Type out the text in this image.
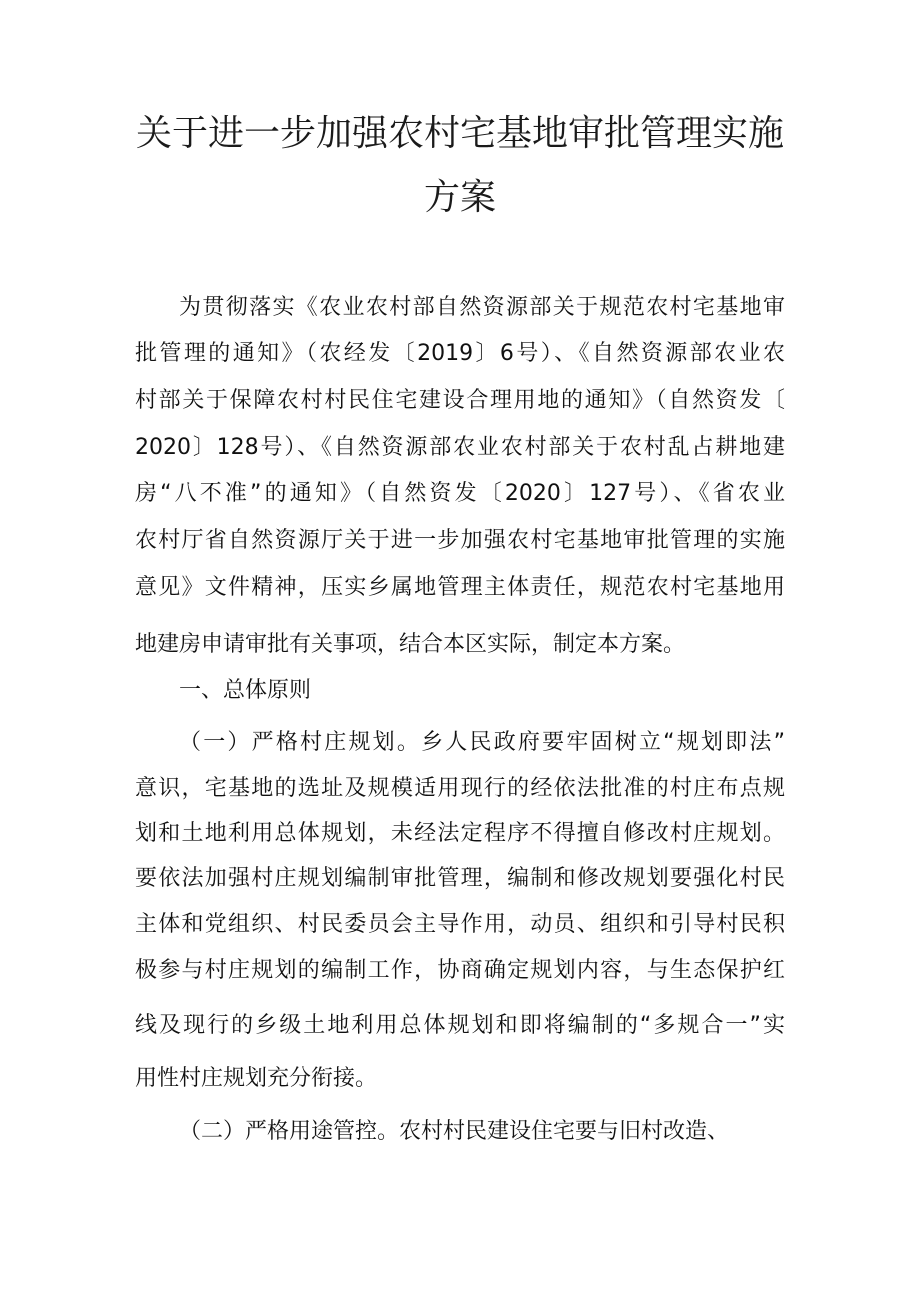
关于进一步加强农村宅基地审批管理实施
方案

为贯彻落实《农业农村部自然资源部关于规范农村宅基地审

批管理的通知》（农经发〔2019〕6号）、《自然资源部农业农

村部关于保障农村村民住宅建设合理用地的通知》（自然资发〔

2020〕128号）、《自然资源部农业农村部关于农村乱占耕地建

房“八不准”的通知》（自然资发〔2020〕127号）、《省农业

农村厅省自然资源厅关于进一步加强农村宅基地审批管理的实施

意见》文件精神，压实乡属地管理主体责任，规范农村宅基地用

地建房申请审批有关事项，结合本区实际，制定本方案。

一、总体原则

（一）严格村庄规划。乡人民政府要牢固树立“规划即法”

意识，宅基地的选址及规模适用现行的经依法批准的村庄布点规

划和土地利用总体规划，未经法定程序不得擅自修改村庄规划。

要依法加强村庄规划编制审批管理，编制和修改规划要强化村民

主体和党组织、村民委员会主导作用，动员、组织和引导村民积

极参与村庄规划的编制工作，协商确定规划内容，与生态保护红

线及现行的乡级土地利用总体规划和即将编制的“多规合一”实

用性村庄规划充分衔接。

（二）严格用途管控。农村村民建设住宅要与旧村改造、
